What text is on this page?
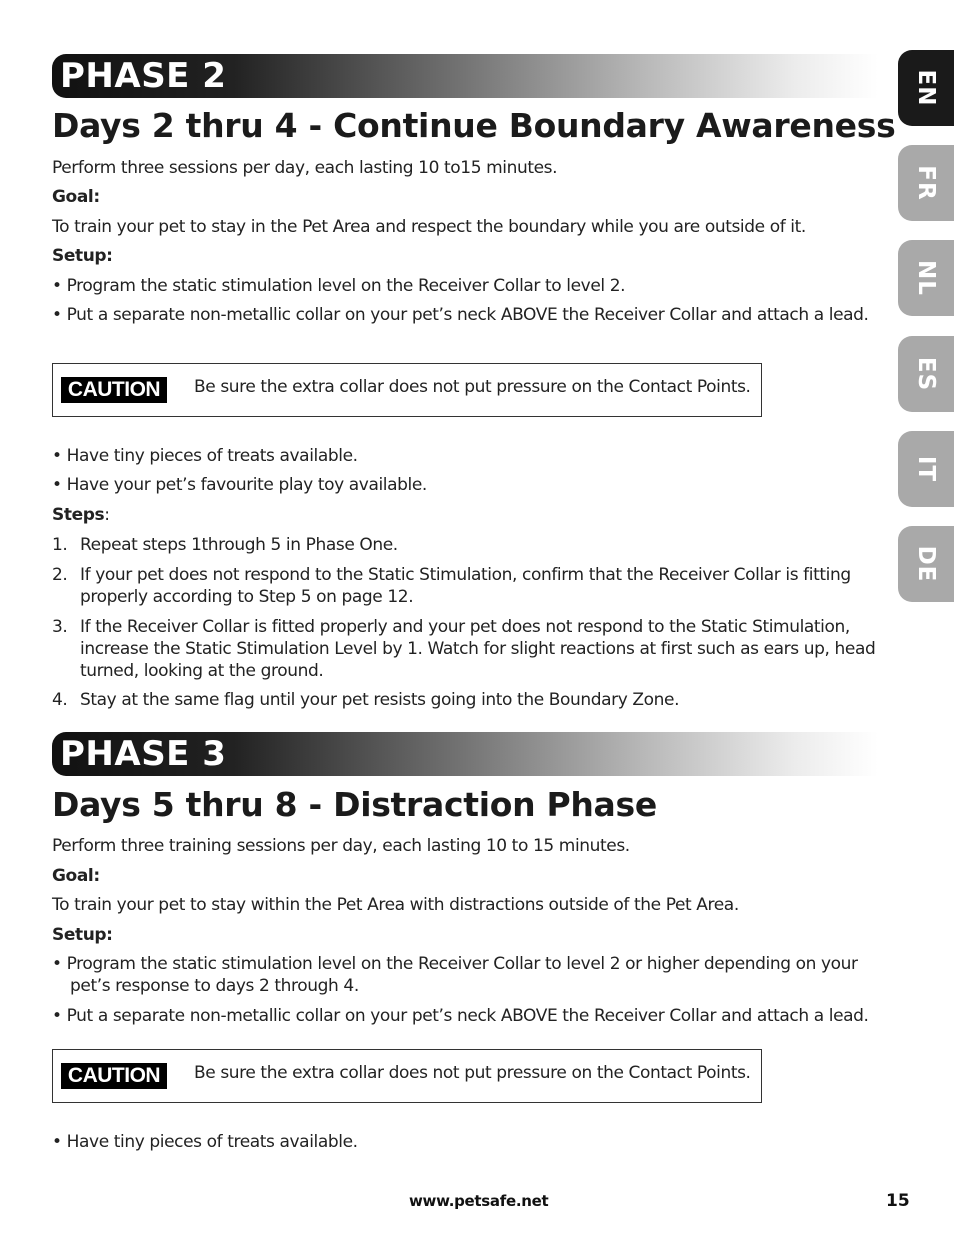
EN
FR
NL
ES
IT
DE
PHASE 2
Days 2 thru 4 - Continue Boundary Awareness

Perform three sessions per day, each lasting 10 to15 minutes.

Goal:

To train your pet to stay in the Pet Area and respect the boundary while you are outside of it.

Setup:

• Program the static stimulation level on the Receiver Collar to level 2.

• Put a separate non-metallic collar on your pet’s neck ABOVE the Receiver Collar and attach a lead.

CAUTION	Be sure the extra collar does not put pressure on the Contact Points.

• Have tiny pieces of treats available.

• Have your pet’s favourite play toy available.

Steps:

1. Repeat steps 1through 5 in Phase One.
2. If your pet does not respond to the Static Stimulation, confirm that the Receiver Collar is fitting
properly according to Step 5 on page 12.
3. If the Receiver Collar is fitted properly and your pet does not respond to the Static Stimulation,
increase the Static Stimulation Level by 1. Watch for slight reactions at first such as ears up, head
turned, looking at the ground.
4. Stay at the same flag until your pet resists going into the Boundary Zone.
PHASE 3
Days 5 thru 8 - Distraction Phase

Perform three training sessions per day, each lasting 10 to 15 minutes.

Goal:

To train your pet to stay within the Pet Area with distractions outside of the Pet Area.

Setup:

• Program the static stimulation level on the Receiver Collar to level 2 or higher depending on your
pet’s response to days 2 through 4.

• Put a separate non-metallic collar on your pet’s neck ABOVE the Receiver Collar and attach a lead.

CAUTION	Be sure the extra collar does not put pressure on the Contact Points.

• Have tiny pieces of treats available.

www.petsafe.net	15
